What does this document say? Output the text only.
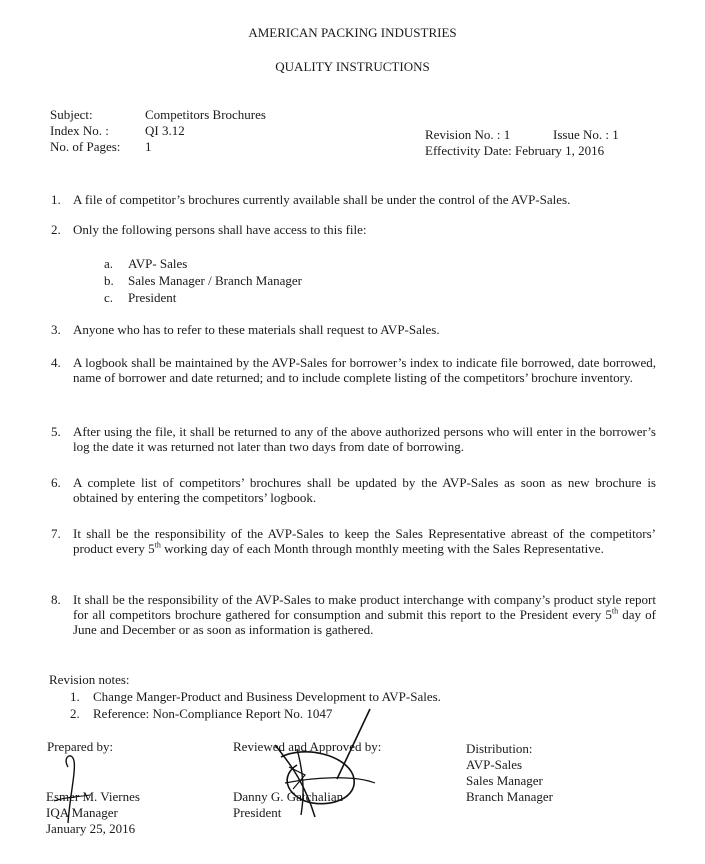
AMERICAN PACKING INDUSTRIES
QUALITY INSTRUCTIONS
Subject:	Competitors Brochures
Index No. :	QI 3.12
No. of Pages: 1
Revision No. : 1	Issue No. : 1
Effectivity Date: February 1, 2016
1. A file of competitor’s brochures currently available shall be under the control of the AVP-Sales.
2. Only the following persons shall have access to this file:
a. AVP- Sales
b. Sales Manager / Branch Manager
c. President
3. Anyone who has to refer to these materials shall request to AVP-Sales.
4. A logbook shall be maintained by the AVP-Sales for borrower’s index to indicate file borrowed, date borrowed, name of borrower and date returned; and to include complete listing of the competitors’ brochure inventory.
5. After using the file, it shall be returned to any of the above authorized persons who will enter in the borrower’s log the date it was returned not later than two days from date of borrowing.
6. A complete list of competitors’ brochures shall be updated by the AVP-Sales as soon as new brochure is obtained by entering the competitors’ logbook.
7. It shall be the responsibility of the AVP-Sales to keep the Sales Representative abreast of the competitors’ product every 5th working day of each Month through monthly meeting with the Sales Representative.
8. It shall be the responsibility of the AVP-Sales to make product interchange with company’s product style report for all competitors brochure gathered for consumption and submit this report to the President every 5th day of June and December or as soon as information is gathered.
Revision notes:
1. Change Manger-Product and Business Development to AVP-Sales.
2. Reference: Non-Compliance Report No. 1047
Prepared by:
Esmer M. Viernes
IQA Manager
January 25, 2016
Reviewed and Approved by:
Danny G. Gatchalian
President
Distribution:
AVP-Sales
Sales Manager
Branch Manager
